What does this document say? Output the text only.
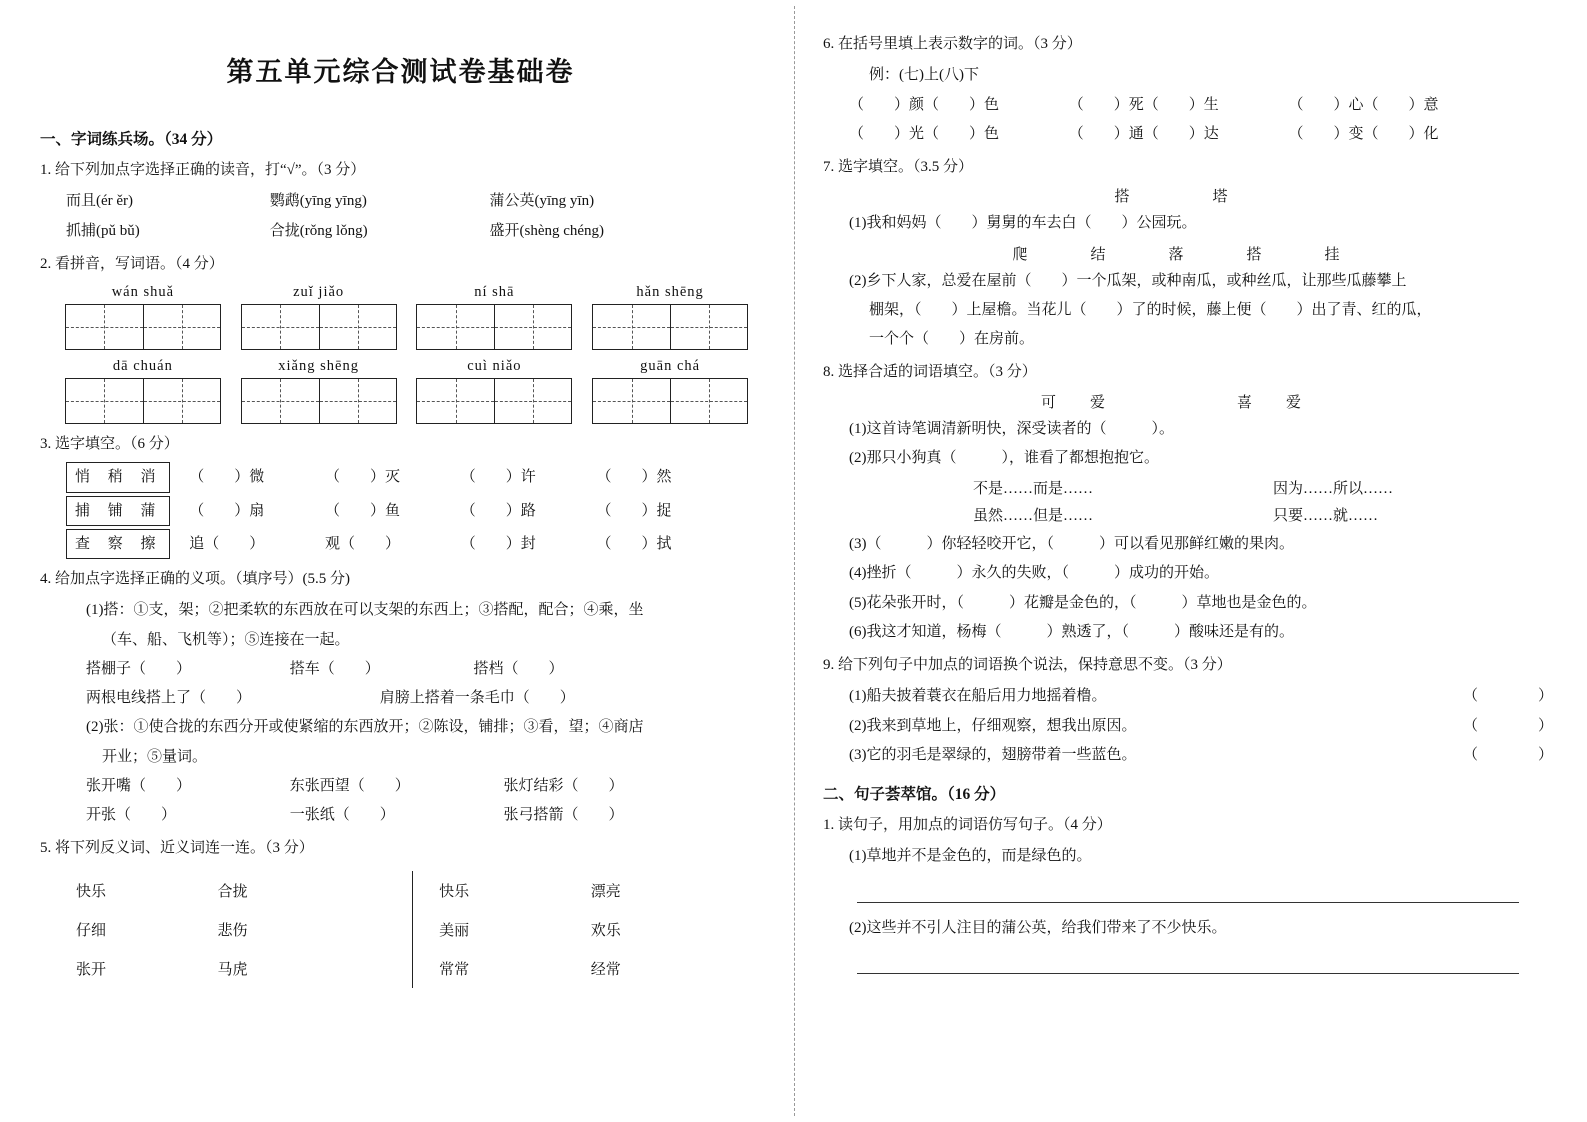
第五单元综合测试卷基础卷
一、字词练兵场。（34 分）
1. 给下列加点字选择正确的读音，打“√”。（3 分）
而且(ér ěr)	鹦鹉(yīng yīng)	蒲公英(yīng yīn)
抓捕(pǔ bǔ)	合拢(rǒng lǒng)	盛开(shèng chéng)
2. 看拼音，写词语。（4 分）
wán shuǎ	zuǐ jiǎo	ní shā	hǎn shēng
dā chuán	xiǎng shēng	cuì niǎo	guān chá
3. 选字填空。（6 分）
悄 稍 消 （　　）微	（　　）灭	（　　）许	（　　）然
捕 铺 蒲 （　　）扇	（　　）鱼	（　　）路	（　　）捉
查 察 擦 追（　　）	观（　　）	（　　）封	（　　）拭
4. 给加点字选择正确的义项。（填序号）(5.5 分)
(1)搭：①支，架；②把柔软的东西放在可以支架的东西上；③搭配，配合；④乘，坐
（车、船、飞机等）；⑤连接在一起。
搭棚子（　　）	搭车（　　）	搭档（　　）
两根电线搭上了（　　）	肩膀上搭着一条毛巾（　　）
(2)张：①使合拢的东西分开或使紧缩的东西放开；②陈设，铺排；③看，望；④商店
开业；⑤量词。
张开嘴（　　）	东张西望（　　）	张灯结彩（　　）
开张（　　）	一张纸（　　）	张弓搭箭（　　）
5. 将下列反义词、近义词连一连。（3 分）
快乐	合拢	快乐	漂亮
仔细	悲伤	美丽	欢乐
张开	马虎	常常	经常
6. 在括号里填上表示数字的词。（3 分）
例：(七)上(八)下
（　　）颜（　　）色	（　　）死（　　）生	（　　）心（　　）意
（　　）光（　　）色	（　　）通（　　）达	（　　）变（　　）化
7. 选字填空。（3.5 分）
搭　塔
(1)我和妈妈（　　）舅舅的车去白（　　）公园玩。
爬　结　落　搭　挂
(2)乡下人家，总爱在屋前（　　）一个瓜架，或种南瓜，或种丝瓜，让那些瓜藤攀上
棚架，（　　）上屋檐。当花儿（　　）了的时候，藤上便（　　）出了青、红的瓜，
一个个（　　）在房前。
8. 选择合适的词语填空。（3 分）
可爱　　喜爱
(1)这首诗笔调清新明快，深受读者的（　　　）。
(2)那只小狗真（　　　），谁看了都想抱抱它。
不是……而是……	因为……所以……
虽然……但是……	只要……就……
(3)（　　　）你轻轻咬开它，（　　　）可以看见那鲜红嫩的果肉。
(4)挫折（　　　）永久的失败，（　　　）成功的开始。
(5)花朵张开时，（　　　）花瓣是金色的，（　　　）草地也是金色的。
(6)我这才知道，杨梅（　　　）熟透了，（　　　）酸味还是有的。
9. 给下列句子中加点的词语换个说法，保持意思不变。（3 分）
(1)船夫披着蓑衣在船后用力地摇着橹。	（　　　　）
(2)我来到草地上，仔细观察，想我出原因。	（　　　　）
(3)它的羽毛是翠绿的，翅膀带着一些蓝色。	（　　　　）
二、句子荟萃馆。（16 分）
1. 读句子，用加点的词语仿写句子。（4 分）
(1)草地并不是金色的，而是绿色的。
(2)这些并不引人注目的蒲公英，给我们带来了不少快乐。
